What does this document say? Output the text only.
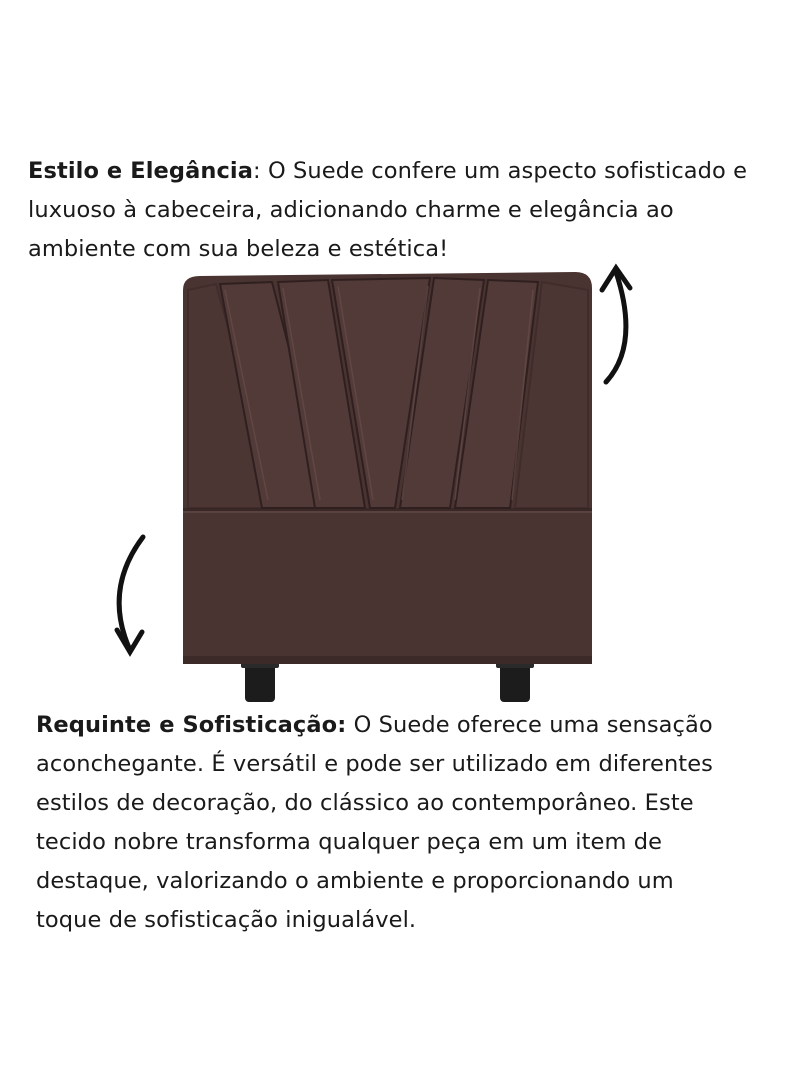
Estilo e Elegância: O Suede confere um aspecto sofisticado e
luxuoso à cabeceira, adicionando charme e elegância ao
ambiente com sua beleza e estética!

Requinte e Sofisticação: O Suede oferece uma sensação
aconchegante. É versátil e pode ser utilizado em diferentes
estilos de decoração, do clássico ao contemporâneo. Este
tecido nobre transforma qualquer peça em um item de
destaque, valorizando o ambiente e proporcionando um
toque de sofisticação inigualável.
